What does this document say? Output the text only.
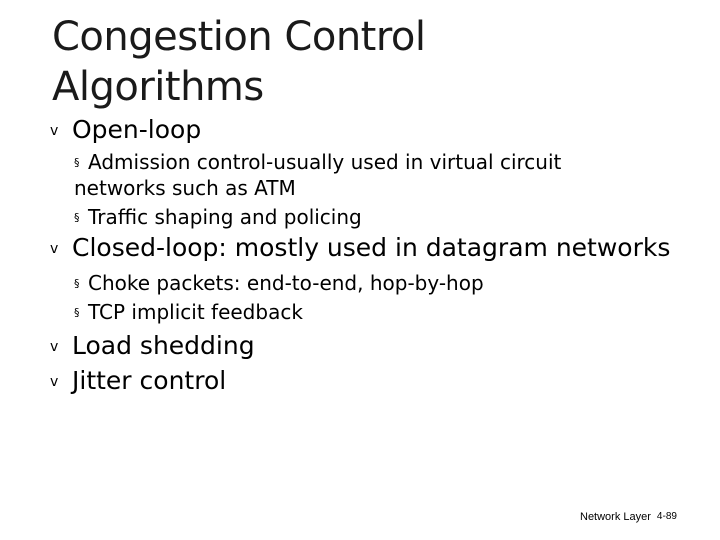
Congestion Control
Algorithms
v Open-loop
§ Admission control-usually used in virtual circuit
networks such as ATM
§ Traffic shaping and policing
v Closed-loop: mostly used in datagram networks
§ Choke packets: end-to-end, hop-by-hop
§ TCP implicit feedback
v Load shedding
v Jitter control
Network Layer 4-89
